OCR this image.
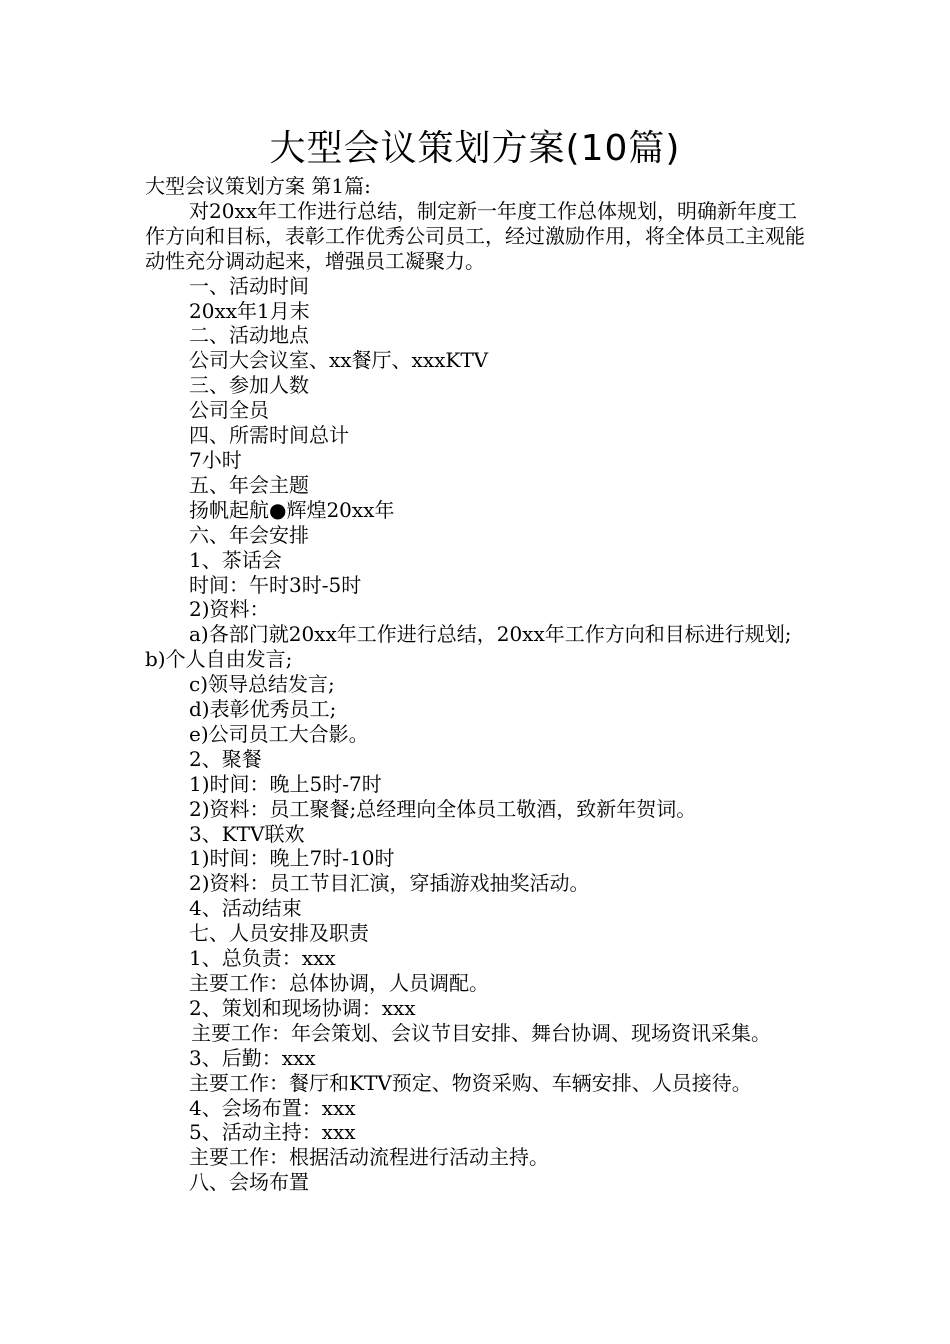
大型会议策划方案(10篇)

大型会议策划方案 第1篇:

对20xx年工作进行总结，制定新一年度工作总体规划，明确新年度工作方向和目标，表彰工作优秀公司员工，经过激励作用，将全体员工主观能动性充分调动起来，增强员工凝聚力。

一、活动时间

20xx年1月末

二、活动地点

公司大会议室、xx餐厅、xxxKTV

三、参加人数

公司全员

四、所需时间总计

7小时

五、年会主题

扬帆起航●辉煌20xx年

六、年会安排

1、茶话会

时间：午时3时-5时

2)资料：

a)各部门就20xx年工作进行总结，20xx年工作方向和目标进行规划;b)个人自由发言;

c)领导总结发言;

d)表彰优秀员工;

e)公司员工大合影。

2、聚餐

1)时间：晚上5时-7时

2)资料：员工聚餐;总经理向全体员工敬酒，致新年贺词。

3、KTV联欢

1)时间：晚上7时-10时

2)资料：员工节目汇演，穿插游戏抽奖活动。

4、活动结束

七、人员安排及职责

1、总负责：xxx

主要工作：总体协调，人员调配。

2、策划和现场协调：xxx

主要工作：年会策划、会议节目安排、舞台协调、现场资讯采集。

3、后勤：xxx

主要工作：餐厅和KTV预定、物资采购、车辆安排、人员接待。

4、会场布置：xxx

5、活动主持：xxx

主要工作：根据活动流程进行活动主持。

八、会场布置
